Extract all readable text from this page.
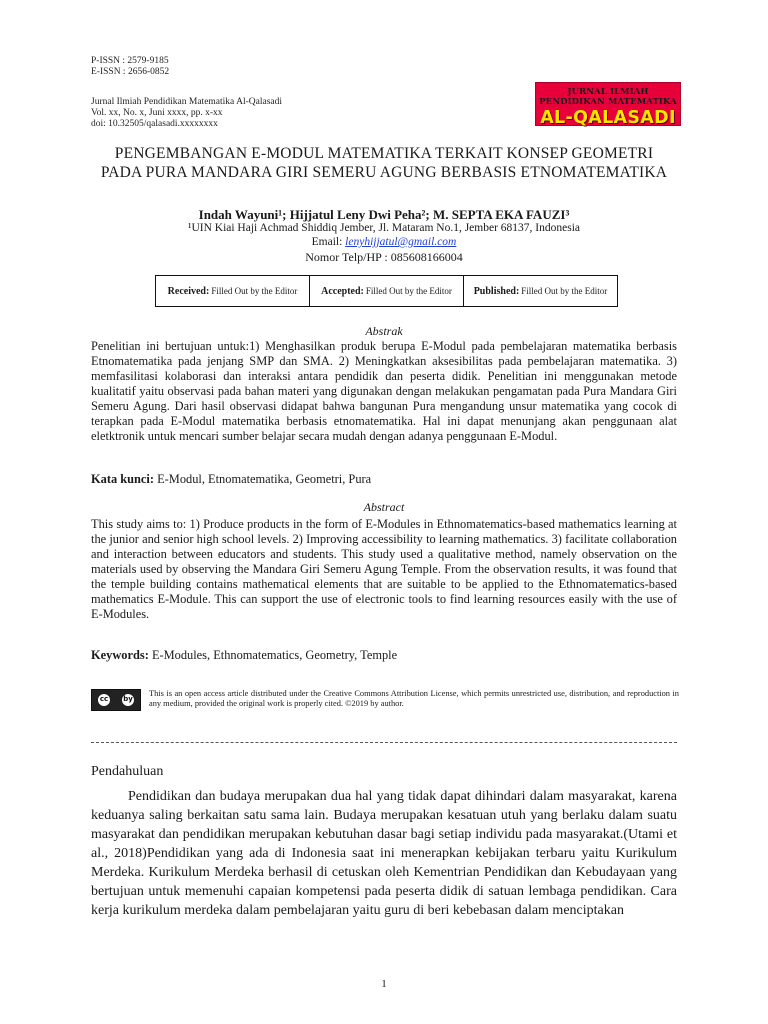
P-ISSN : 2579-9185
E-ISSN : 2656-0852
Jurnal Ilmiah Pendidikan Matematika Al-Qalasadi
Vol. xx, No. x, Juni xxxx, pp. x-xx
doi: 10.32505/qalasadi.xxxxxxxx
JURNAL ILMIAH PENDIDIKAN MATEMATIKA
AL-QALASADI
PENGEMBANGAN E-MODUL MATEMATIKA TERKAIT KONSEP GEOMETRI PADA PURA MANDARA GIRI SEMERU AGUNG BERBASIS ETNOMATEMATIKA
Indah Wayuni¹; Hijjatul Leny Dwi Peha²; M. SEPTA EKA FAUZI³
¹UIN Kiai Haji Achmad Shiddiq Jember, Jl. Mataram No.1, Jember 68137, Indonesia
Email: lenyhijjatul@gmail.com
Nomor Telp/HP : 085608166004
Received: Filled Out by the Editor Accepted: Filled Out by the Editor Published: Filled Out by the Editor
Abstrak

Penelitian ini bertujuan untuk:1) Menghasilkan produk berupa E-Modul pada pembelajaran matematika berbasis Etnomatematika pada jenjang SMP dan SMA. 2) Meningkatkan aksesibilitas pada pembelajaran matematika. 3) memfasilitasi kolaborasi dan interaksi antara pendidik dan peserta didik. Penelitian ini menggunakan metode kualitatif yaitu observasi pada bahan materi yang digunakan dengan melakukan pengamatan pada Pura Mandara Giri Semeru Agung. Dari hasil observasi didapat bahwa bangunan Pura mengandung unsur matematika yang cocok di terapkan pada E-Modul matematika berbasis etnomatematika. Hal ini dapat menunjang akan penggunaan alat eletktronik untuk mencari sumber belajar secara mudah dengan adanya penggunaan E-Modul.

Kata kunci: E-Modul, Etnomatematika, Geometri, Pura
Abstract

This study aims to: 1) Produce products in the form of E-Modules in Ethnomatematics-based mathematics learning at the junior and senior high school levels. 2) Improving accessibility to learning mathematics. 3) facilitate collaboration and interaction between educators and students. This study used a qualitative method, namely observation on the materials used by observing the Mandara Giri Semeru Agung Temple. From the observation results, it was found that the temple building contains mathematical elements that are suitable to be applied to the Ethnomatematics-based mathematics E-Module. This can support the use of electronic tools to find learning resources easily with the use of E-Modules.

Keywords: E-Modules, Ethnomatematics, Geometry, Temple
cc	by

This is an open access article distributed under the Creative Commons Attribution License, which permits unrestricted use, distribution, and reproduction in any medium, provided the original work is properly cited. ©2019 by author.

Pendahuluan

Pendidikan dan budaya merupakan dua hal yang tidak dapat dihindari dalam masyarakat, karena keduanya saling berkaitan satu sama lain. Budaya merupakan kesatuan utuh yang berlaku dalam suatu masyarakat dan pendidikan merupakan kebutuhan dasar bagi setiap individu pada masyarakat.(Utami et al., 2018)Pendidikan yang ada di Indonesia saat ini menerapkan kebijakan terbaru yaitu Kurikulum Merdeka. Kurikulum Merdeka berhasil di cetuskan oleh Kementrian Pendidikan dan Kebudayaan yang bertujuan untuk memenuhi capaian kompetensi pada peserta didik di satuan lembaga pendidikan. Cara kerja kurikulum merdeka dalam pembelajaran yaitu guru di beri kebebasan dalam menciptakan

1
